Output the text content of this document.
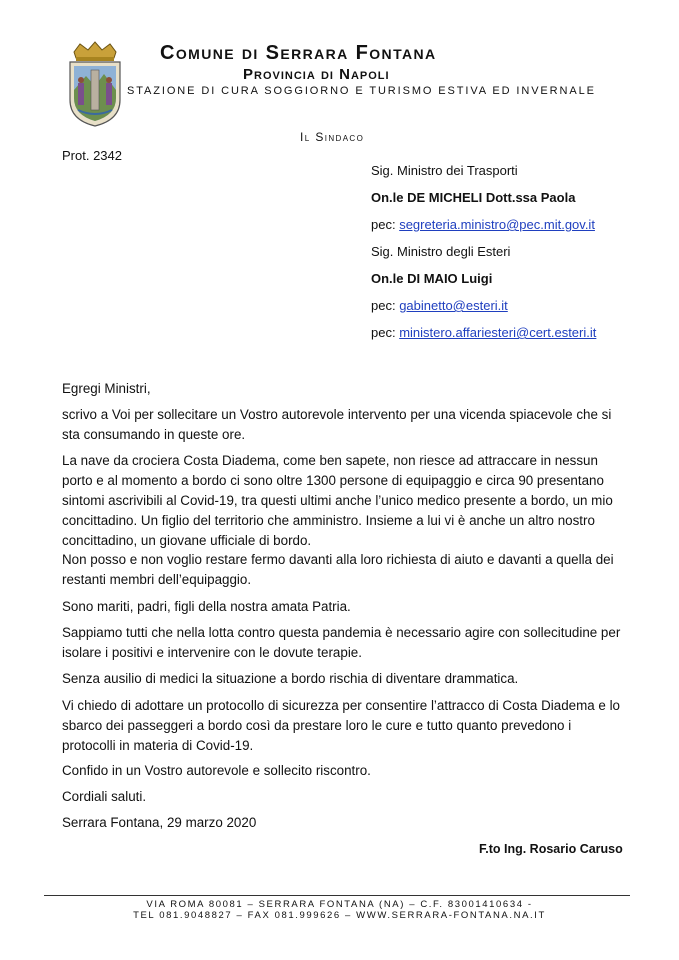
Comune di Serrara Fontana
Provincia di Napoli
STAZIONE DI CURA SOGGIORNO E TURISMO ESTIVA ED INVERNALE
Il Sindaco
Prot. 2342
Sig. Ministro dei Trasporti
On.le DE MICHELI Dott.ssa Paola
pec: segreteria.ministro@pec.mit.gov.it
Sig. Ministro degli Esteri
On.le DI MAIO Luigi
pec: gabinetto@esteri.it
pec: ministero.affariesteri@cert.esteri.it
Egregi Ministri,
scrivo a Voi per sollecitare un Vostro autorevole intervento per una vicenda spiacevole che si sta consumando in queste ore.
La nave da crociera Costa Diadema, come ben sapete, non riesce ad attraccare in nessun porto e al momento a bordo ci sono oltre 1300 persone di equipaggio e circa 90 presentano sintomi ascrivibili al Covid-19, tra questi ultimi anche l’unico medico presente a bordo, un mio concittadino. Un figlio del territorio che amministro. Insieme a lui vi è anche un altro nostro concittadino, un giovane ufficiale di bordo.
Non posso e non voglio restare fermo davanti alla loro richiesta di aiuto e davanti a quella dei restanti membri dell’equipaggio.
Sono mariti, padri, figli della nostra amata Patria.
Sappiamo tutti che nella lotta contro questa pandemia è necessario agire con sollecitudine per isolare i positivi e intervenire con le dovute terapie.
Senza ausilio di medici la situazione a bordo rischia di diventare drammatica.
Vi chiedo di adottare un protocollo di sicurezza per consentire l’attracco di Costa Diadema e lo sbarco dei passeggeri a bordo così da prestare loro le cure e tutto quanto prevedono i protocolli in materia di Covid-19.
Confido in un Vostro autorevole e sollecito riscontro.
Cordiali saluti.
Serrara Fontana, 29 marzo 2020
F.to Ing. Rosario Caruso
VIA ROMA 80081 – SERRARA FONTANA (NA) – C.F. 83001410634 -
TEL 081.9048827 – FAX 081.999626 – WWW.SERRARA-FONTANA.NA.IT
